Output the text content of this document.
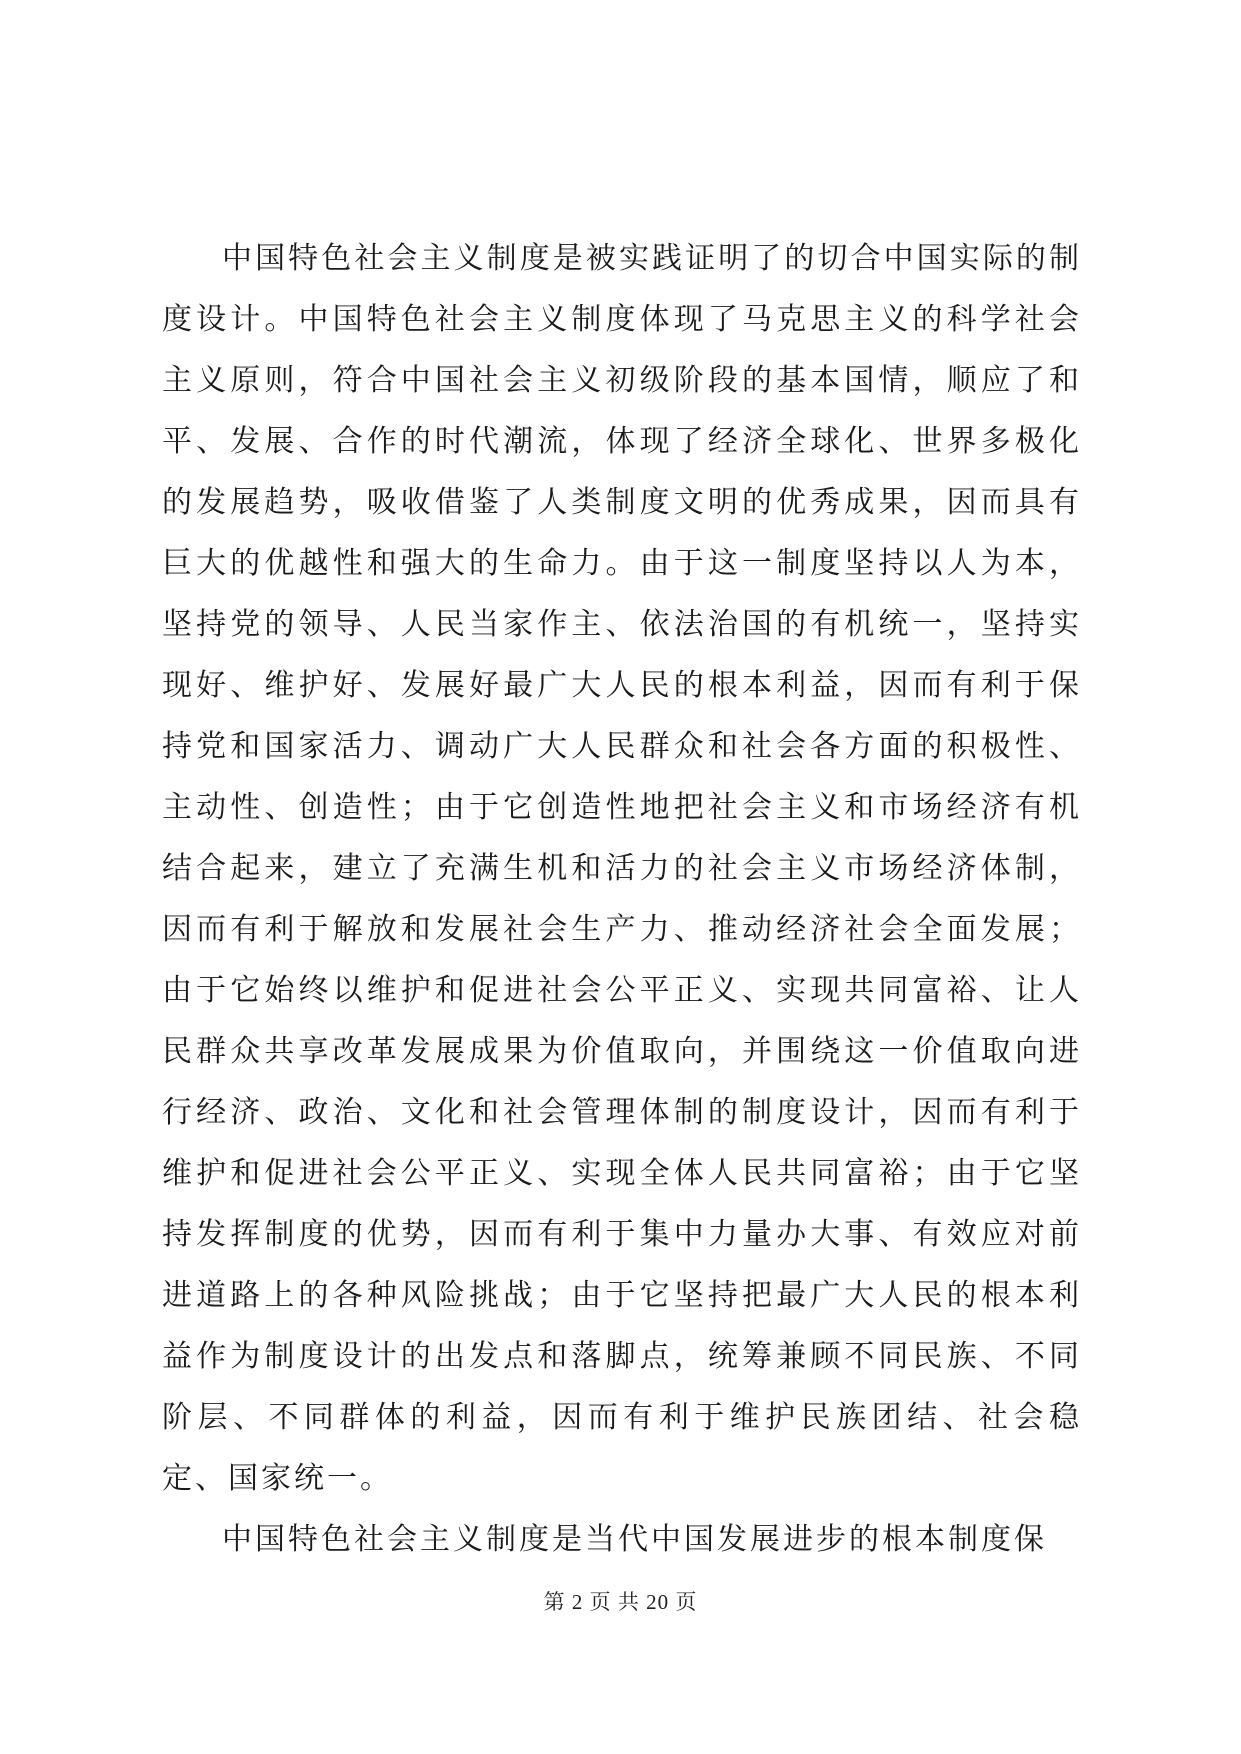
中国特色社会主义制度是被实践证明了的切合中国实际的制度设计。中国特色社会主义制度体现了马克思主义的科学社会主义原则，符合中国社会主义初级阶段的基本国情，顺应了和平、发展、合作的时代潮流，体现了经济全球化、世界多极化的发展趋势，吸收借鉴了人类制度文明的优秀成果，因而具有巨大的优越性和强大的生命力。由于这一制度坚持以人为本，坚持党的领导、人民当家作主、依法治国的有机统一，坚持实现好、维护好、发展好最广大人民的根本利益，因而有利于保持党和国家活力、调动广大人民群众和社会各方面的积极性、主动性、创造性；由于它创造性地把社会主义和市场经济有机结合起来，建立了充满生机和活力的社会主义市场经济体制，因而有利于解放和发展社会生产力、推动经济社会全面发展；由于它始终以维护和促进社会公平正义、实现共同富裕、让人民群众共享改革发展成果为价值取向，并围绕这一价值取向进行经济、政治、文化和社会管理体制的制度设计，因而有利于维护和促进社会公平正义、实现全体人民共同富裕；由于它坚持发挥制度的优势，因而有利于集中力量办大事、有效应对前进道路上的各种风险挑战；由于它坚持把最广大人民的根本利益作为制度设计的出发点和落脚点，统筹兼顾不同民族、不同阶层、不同群体的利益，因而有利于维护民族团结、社会稳定、国家统一。

中国特色社会主义制度是当代中国发展进步的根本制度保

第 2 页 共 20 页
